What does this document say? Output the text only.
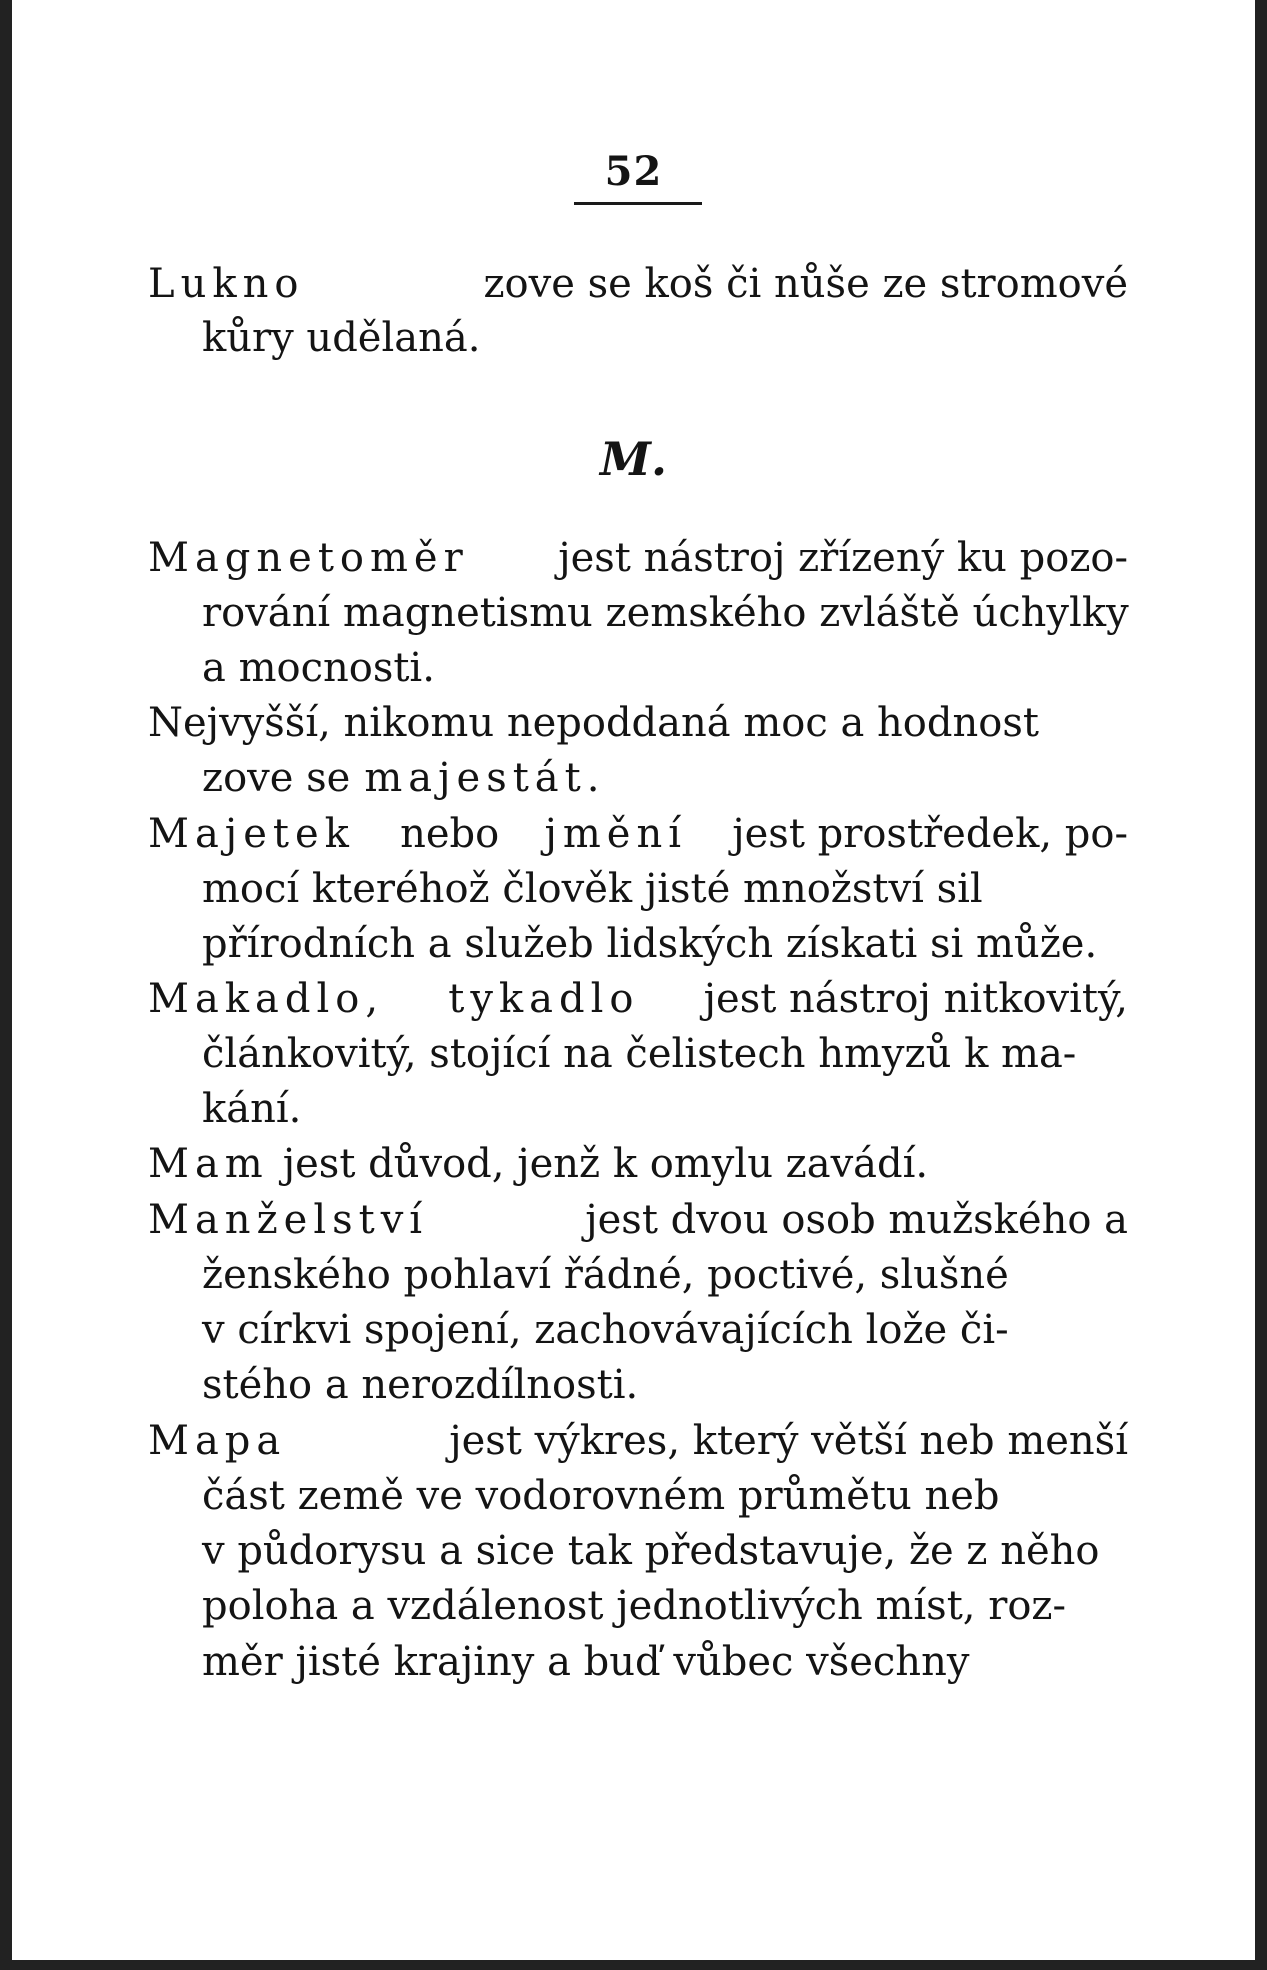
52
Lukno	zove se koš či nůše ze stromové
kůry udělaná.
M.
Magnetoměr jest nástroj zřízený ku pozo-
rování magnetismu zemského zvláště úchylky
a mocnosti.
Nejvyšší, nikomu nepoddaná moc a hodnost
zove se majestát.
Majetek nebo jmění jest prostředek, po-
mocí kteréhož člověk jisté množství sil
přírodních a služeb lidských získati si může.
Makadlo, tykadlo jest nástroj nitkovitý,
článkovitý, stojící na čelistech hmyzů k ma-
kání.
Mam jest důvod, jenž k omylu zavádí.
Manželství	jest dvou osob mužského a
ženského pohlaví řádné, poctivé, slušné
v církvi spojení, zachovávajících lože či-
stého a nerozdílnosti.
Mapa	jest výkres, který větší neb menší
část země ve vodorovném průmětu neb
v půdorysu a sice tak představuje, že z něho
poloha a vzdálenost jednotlivých míst, roz-
měr jisté krajiny a buď vůbec všechny
